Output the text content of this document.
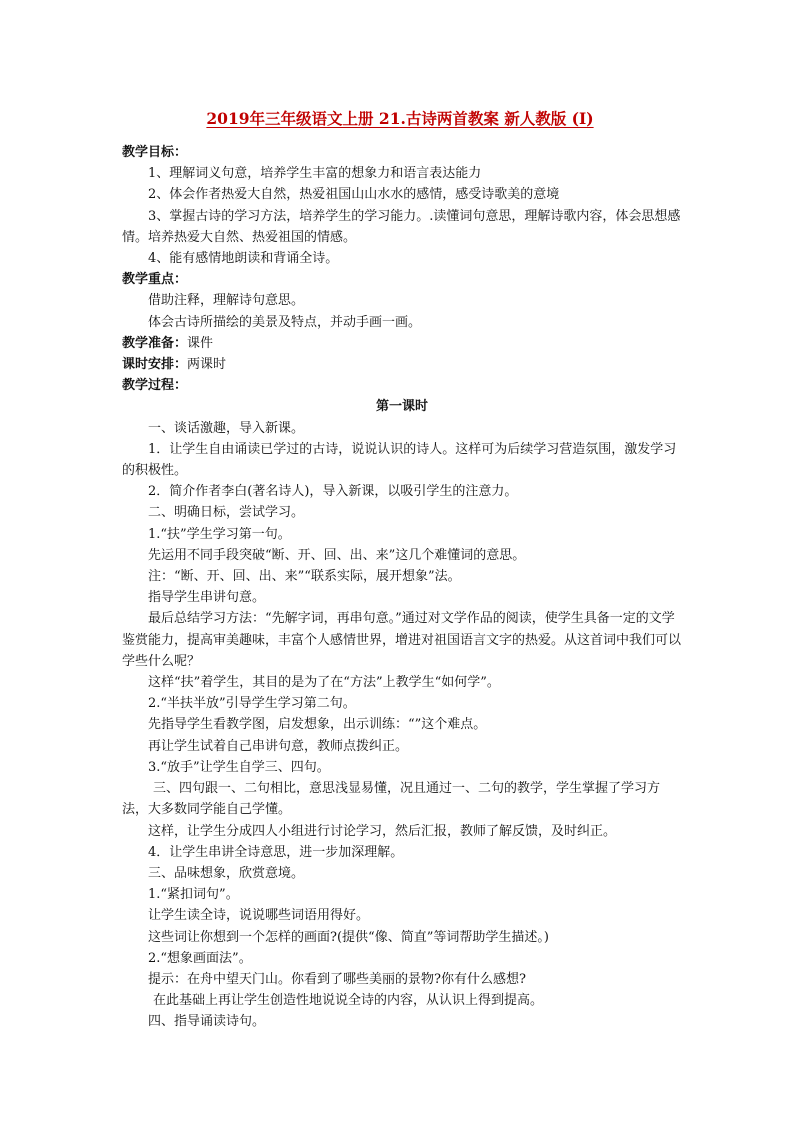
2019年三年级语文上册 21.古诗两首教案 新人教版 (I)

教学目标：

1、理解词义句意，培养学生丰富的想象力和语言表达能力

2、体会作者热爱大自然，热爱祖国山山水水的感情，感受诗歌美的意境

3、掌握古诗的学习方法，培养学生的学习能力。.读懂词句意思，理解诗歌内容，体会思想感情。培养热爱大自然、热爱祖国的情感。

4、能有感情地朗读和背诵全诗。

教学重点：

借助注释，理解诗句意思。

体会古诗所描绘的美景及特点，并动手画一画。

教学准备：课件

课时安排：两课时

教学过程：

第一课时

一、谈话激趣，导入新课。

1．让学生自由诵读已学过的古诗，说说认识的诗人。这样可为后续学习营造氛围，激发学习的积极性。

2．简介作者李白(著名诗人)，导入新课，以吸引学生的注意力。

二、明确日标，尝试学习。

1.“扶”学生学习第一句。

先运用不同手段突破“断、开、回、出、来”这几个难懂词的意思。

注：“断、开、回、出、来”“联系实际，展开想象”法。

指导学生串讲句意。

最后总结学习方法：“先解字词，再串句意。”通过对文学作品的阅读，使学生具备一定的文学鉴赏能力，提高审美趣味，丰富个人感情世界，增进对祖国语言文字的热爱。从这首词中我们可以学些什么呢？

这样“扶”着学生，其目的是为了在“方法”上教学生“如何学”。

2.“半扶半放”引导学生学习第二句。

先指导学生看教学图，启发想象，出示训练：“”这个难点。

再让学生试着自己串讲句意，教师点拨纠正。

3.“放手”让学生自学三、四句。

三、四句跟一、二句相比，意思浅显易懂，况且通过一、二句的教学，学生掌握了学习方法，大多数同学能自己学懂。

这样，让学生分成四人小组进行讨论学习，然后汇报，教师了解反馈，及时纠正。

4．让学生串讲全诗意思，进一步加深理解。

三、品味想象，欣赏意境。

1.“紧扣词句”。

让学生读全诗，说说哪些词语用得好。

这些词让你想到一个怎样的画面?(提供“像、简直”等词帮助学生描述。)

2.“想象画面法”。

提示：在舟中望天门山。你看到了哪些美丽的景物?你有什么感想?

在此基础上再让学生创造性地说说全诗的内容，从认识上得到提高。

四、指导诵读诗句。
